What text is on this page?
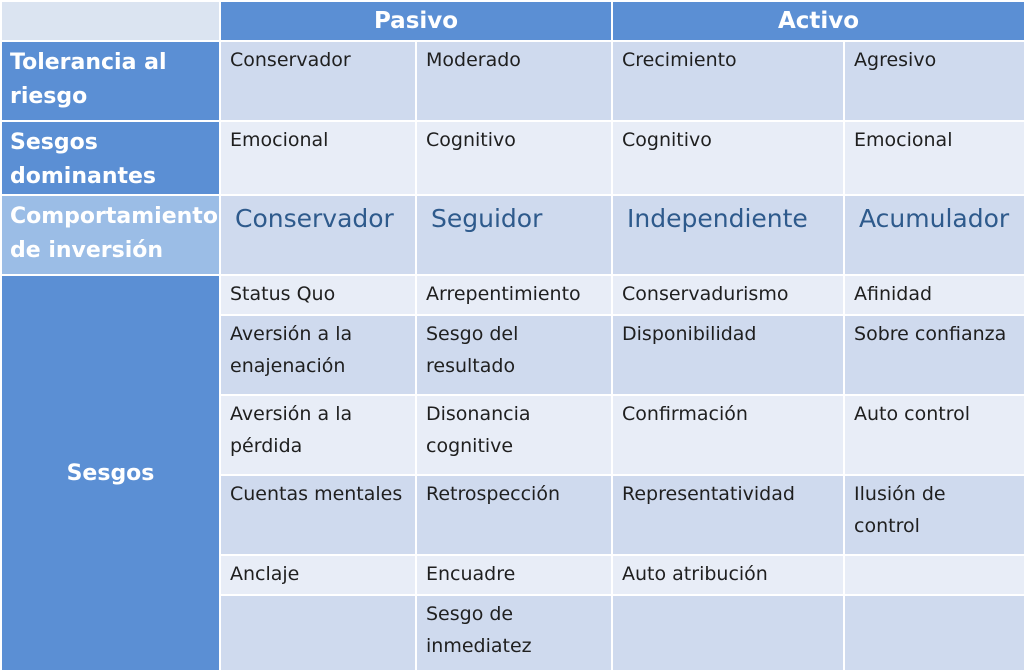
	Pasivo		Activo	
Tolerancia al riesgo	Conservador	Moderado	Crecimiento	Agresivo
Sesgos dominantes	Emocional	Cognitivo	Cognitivo	Emocional
Comportamiento de inversión	Conservador	Seguidor	Independiente	Acumulador
Sesgos	Status Quo	Arrepentimiento	Conservadurismo	Afinidad
	Aversión a la enajenación	Sesgo del resultado	Disponibilidad	Sobre confianza
	Aversión a la pérdida	Disonancia cognitive	Confirmación	Auto control
	Cuentas mentales	Retrospección	Representatividad	Ilusión de control
	Anclaje	Encuadre	Auto atribución	
		Sesgo de inmediatez		
